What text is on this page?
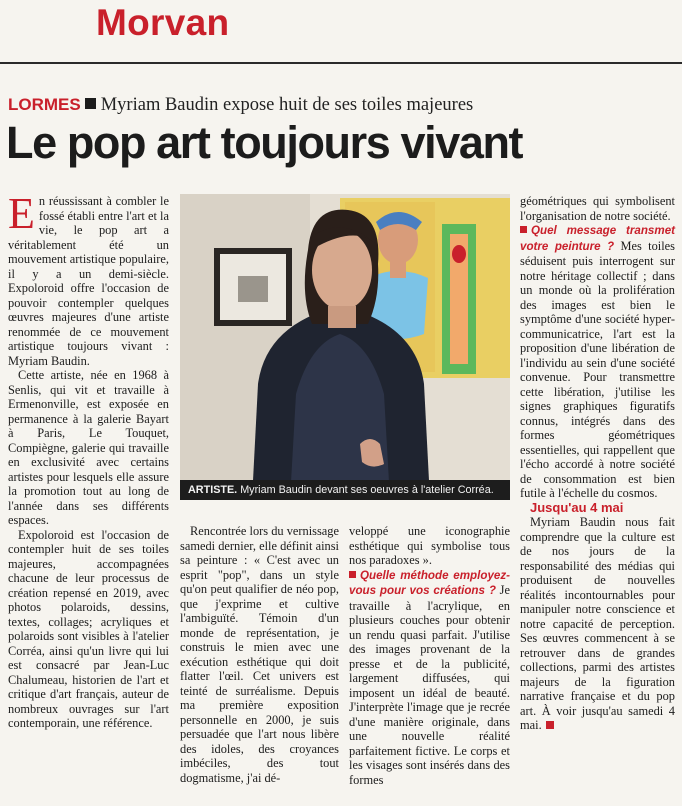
Morvan
LORMES Myriam Baudin expose huit de ses toiles majeures
Le pop art toujours vivant

En réussissant à combler le fossé établi entre l'art et la vie, le pop art a véritablement été un mouvement artistique populaire, il y a un demi-siècle. Expoloroid offre l'occasion de pouvoir contempler quelques œuvres majeures d'une artiste renommée de ce mouvement artistique toujours vivant : Myriam Baudin.

Cette artiste, née en 1968 à Senlis, qui vit et travaille à Ermenonville, est exposée en permanence à la galerie Bayart à Paris, Le Touquet, Compiègne, galerie qui travaille en exclusivité avec certains artistes pour lesquels elle assure la promotion tout au long de l'année dans ses différents espaces.

Expoloroid est l'occasion de contempler huit de ses toiles majeures, accompagnées chacune de leur processus de création repensé en 2019, avec photos polaroids, dessins, textes, collages; acryliques et polaroids sont visibles à l'atelier Corréa, ainsi qu'un livre qui lui est consacré par Jean-Luc Chalumeau, historien de l'art et critique d'art français, auteur de nombreux ouvrages sur l'art contemporain, une référence.

ARTISTE. Myriam Baudin devant ses oeuvres à l'atelier Corréa.

Rencontrée lors du vernissage samedi dernier, elle définit ainsi sa peinture : « C'est avec un esprit "pop", dans un style qu'on peut qualifier de néo pop, que j'exprime et cultive l'ambiguïté. Témoin d'un monde de représentation, je construis le mien avec une exécution esthétique qui doit flatter l'œil. Cet univers est teinté de surréalisme. Depuis ma première exposition personnelle en 2000, je suis persuadée que l'art nous libère des idoles, des croyances imbéciles, des tout dogmatisme, j'ai dé-

veloppé une iconographie esthétique qui symbolise tous nos paradoxes ».

Quelle méthode employez-vous pour vos créations ? Je travaille à l'acrylique, en plusieurs couches pour obtenir un rendu quasi parfait. J'utilise des images provenant de la presse et de la publicité, largement diffusées, qui imposent un idéal de beauté. J'interprète l'image que je recrée d'une manière originale, dans une nouvelle réalité parfaitement fictive. Le corps et les visages sont insérés dans des formes

géométriques qui symbolisent l'organisation de notre société.

Quel message transmet votre peinture ? Mes toiles séduisent puis interrogent sur notre héritage collectif ; dans un monde où la prolifération des images est bien le symptôme d'une société hyper-communicatrice, l'art est la proposition d'une libération de l'individu au sein d'une société convenue. Pour transmettre cette libération, j'utilise les signes graphiques figuratifs connus, intégrés dans des formes géométriques essentielles, qui rappellent que l'écho accordé à notre société de consommation est bien futile à l'échelle du cosmos.

Jusqu'au 4 mai

Myriam Baudin nous fait comprendre que la culture est de nos jours de la responsabilité des médias qui produisent de nouvelles réalités incontournables pour manipuler notre conscience et notre capacité de perception. Ses œuvres commencent à se retrouver dans de grandes collections, parmi des artistes majeurs de la figuration narrative française et du pop art. À voir jusqu'au samedi 4 mai.
